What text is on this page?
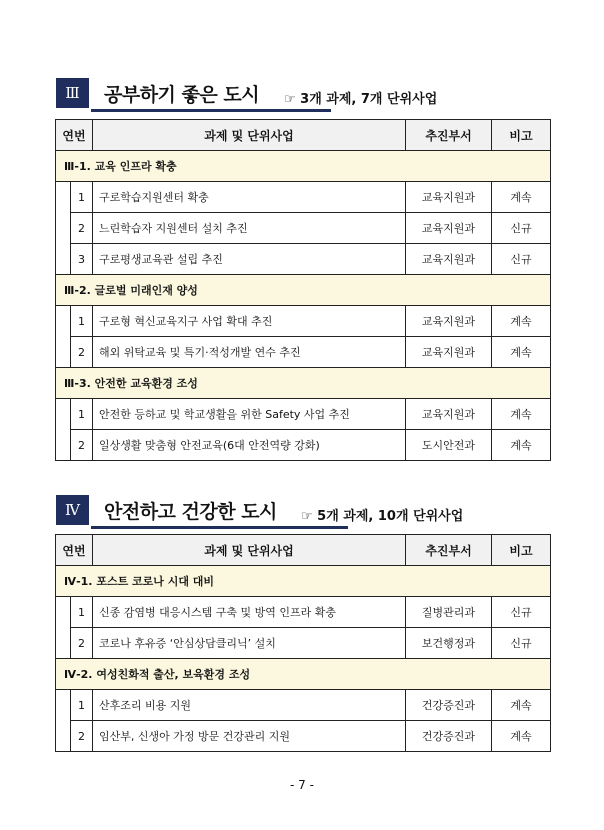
Ⅲ	공부하기 좋은 도시 ☞ 3개 과제, 7개 단위사업
연번		과제 및 단위사업	추진부서	비고
Ⅲ-1. 교육 인프라 확충				
	1	구로학습지원센터 확충	교육지원과	계속
	2	느린학습자 지원센터 설치 추진	교육지원과	신규
	3	구로평생교육관 설립 추진	교육지원과	신규
Ⅲ-2. 글로벌 미래인재 양성				
	1	구로형 혁신교육지구 사업 확대 추진	교육지원과	계속
	2	해외 위탁교육 및 특기·적성개발 연수 추진	교육지원과	계속
Ⅲ-3. 안전한 교육환경 조성				
	1	안전한 등하교 및 학교생활을 위한 Safety 사업 추진	교육지원과	계속
	2	일상생활 맞춤형 안전교육(6대 안전역량 강화)	도시안전과	계속
Ⅳ	안전하고 건강한 도시 ☞ 5개 과제, 10개 단위사업
연번		과제 및 단위사업	추진부서	비고
Ⅳ-1. 포스트 코로나 시대 대비				
	1	신종 감염병 대응시스템 구축 및 방역 인프라 확충	질병관리과	신규
	2	코로나 후유증 ‘안심상담클리닉’ 설치	보건행정과	신규
Ⅳ-2. 여성친화적 출산, 보육환경 조성				
	1	산후조리 비용 지원	건강증진과	계속
	2	임산부, 신생아 가정 방문 건강관리 지원	건강증진과	계속
- 7 -
